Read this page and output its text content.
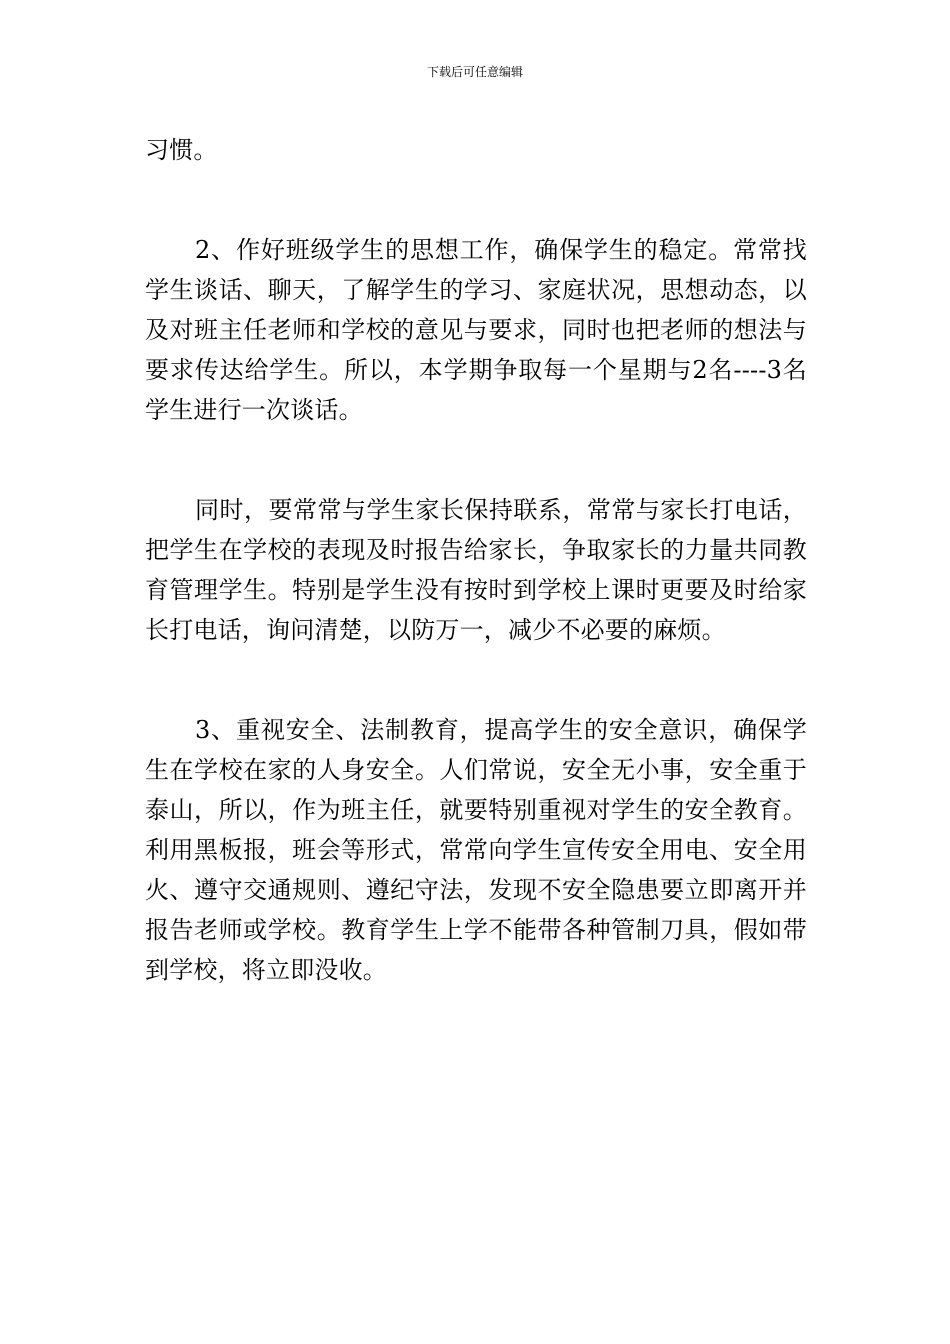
下载后可任意编辑

习惯。

2、作好班级学生的思想工作，确保学生的稳定。常常找学生谈话、聊天，了解学生的学习、家庭状况，思想动态，以及对班主任老师和学校的意见与要求，同时也把老师的想法与要求传达给学生。所以，本学期争取每一个星期与2名----3名学生进行一次谈话。

同时，要常常与学生家长保持联系，常常与家长打电话，把学生在学校的表现及时报告给家长，争取家长的力量共同教育管理学生。特别是学生没有按时到学校上课时更要及时给家长打电话，询问清楚，以防万一，减少不必要的麻烦。

3、重视安全、法制教育，提高学生的安全意识，确保学生在学校在家的人身安全。人们常说，安全无小事，安全重于泰山，所以，作为班主任，就要特别重视对学生的安全教育。利用黑板报，班会等形式，常常向学生宣传安全用电、安全用火、遵守交通规则、遵纪守法，发现不安全隐患要立即离开并报告老师或学校。教育学生上学不能带各种管制刀具，假如带到学校，将立即没收。
